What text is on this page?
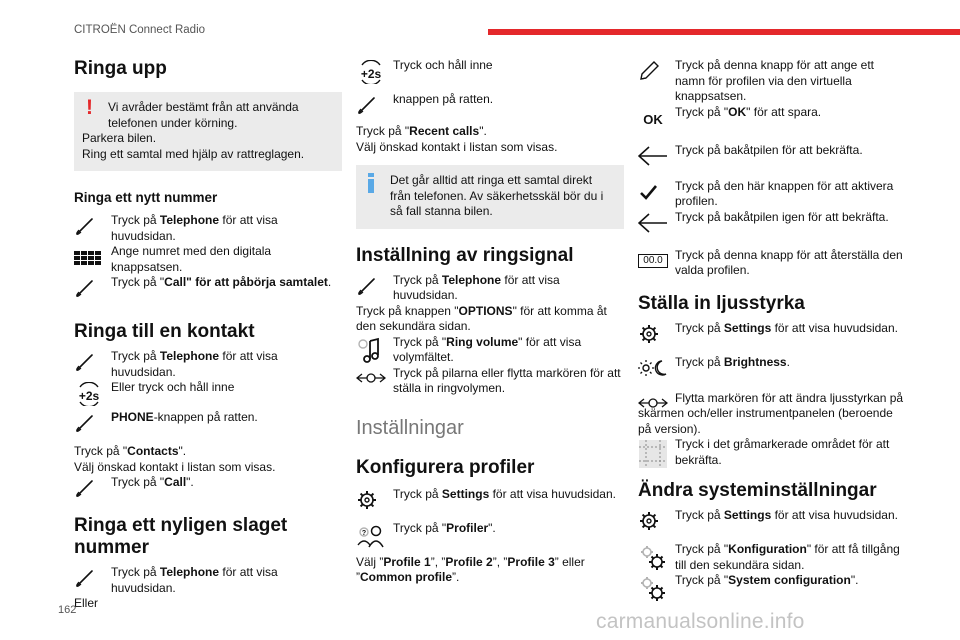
CITROËN Connect Radio
Ringa upp
!	Vi avråder bestämt från att använda telefonen under körning.
Parkera bilen.
Ring ett samtal med hjälp av rattreglagen.
Ringa ett nytt nummer
Tryck på Telephone för att visa huvudsidan.
Ange numret med den digitala knappsatsen.
Tryck på "Call" för att påbörja samtalet.
Ringa till en kontakt
Tryck på Telephone för att visa huvudsidan.
+2s
Eller tryck och håll inne
PHONE-knappen på ratten.

Tryck på "Contacts".

Välj önskad kontakt i listan som visas.

Tryck på "Call".
Ringa ett nyligen slaget nummer
Tryck på Telephone för att visa huvudsidan.

Eller

+2s
Tryck och håll inne
knappen på ratten.

Tryck på "Recent calls".

Välj önskad kontakt i listan som visas.

Det går alltid att ringa ett samtal direkt från telefonen. Av säkerhetsskäl bör du i så fall stanna bilen.
Inställning av ringsignal
Tryck på Telephone för att visa huvudsidan.

Tryck på knappen "OPTIONS" för att komma åt den sekundära sidan.

Tryck på "Ring volume" för att visa volymfältet.
Tryck på pilarna eller flytta markören för att ställa in ringvolymen.
Inställningar
Konfigurera profiler
Tryck på Settings för att visa huvudsidan.
? Tryck på "Profiler".

Välj ”Profile 1”, ”Profile 2”, ”Profile 3” eller ”Common profile”.

Tryck på denna knapp för att ange ett namn för profilen via den virtuella knappsatsen.
OK	Tryck på "OK" för att spara.
Tryck på bakåtpilen för att bekräfta.
Tryck på den här knappen för att aktivera profilen.
Tryck på bakåtpilen igen för att bekräfta.
00.0	Tryck på denna knapp för att återställa den valda profilen.
Ställa in ljusstyrka
Tryck på Settings för att visa huvudsidan.
Tryck på Brightness.
Flytta markören för att ändra ljusstyrkan på skärmen och/eller instrumentpanelen (beroende på version).
Tryck i det gråmarkerade området för att bekräfta.
Ändra systeminställningar
Tryck på Settings för att visa huvudsidan.
Tryck på "Konfiguration" för att få tillgång till den sekundära sidan.
Tryck på "System configuration".
162	carmanualsonline.info
